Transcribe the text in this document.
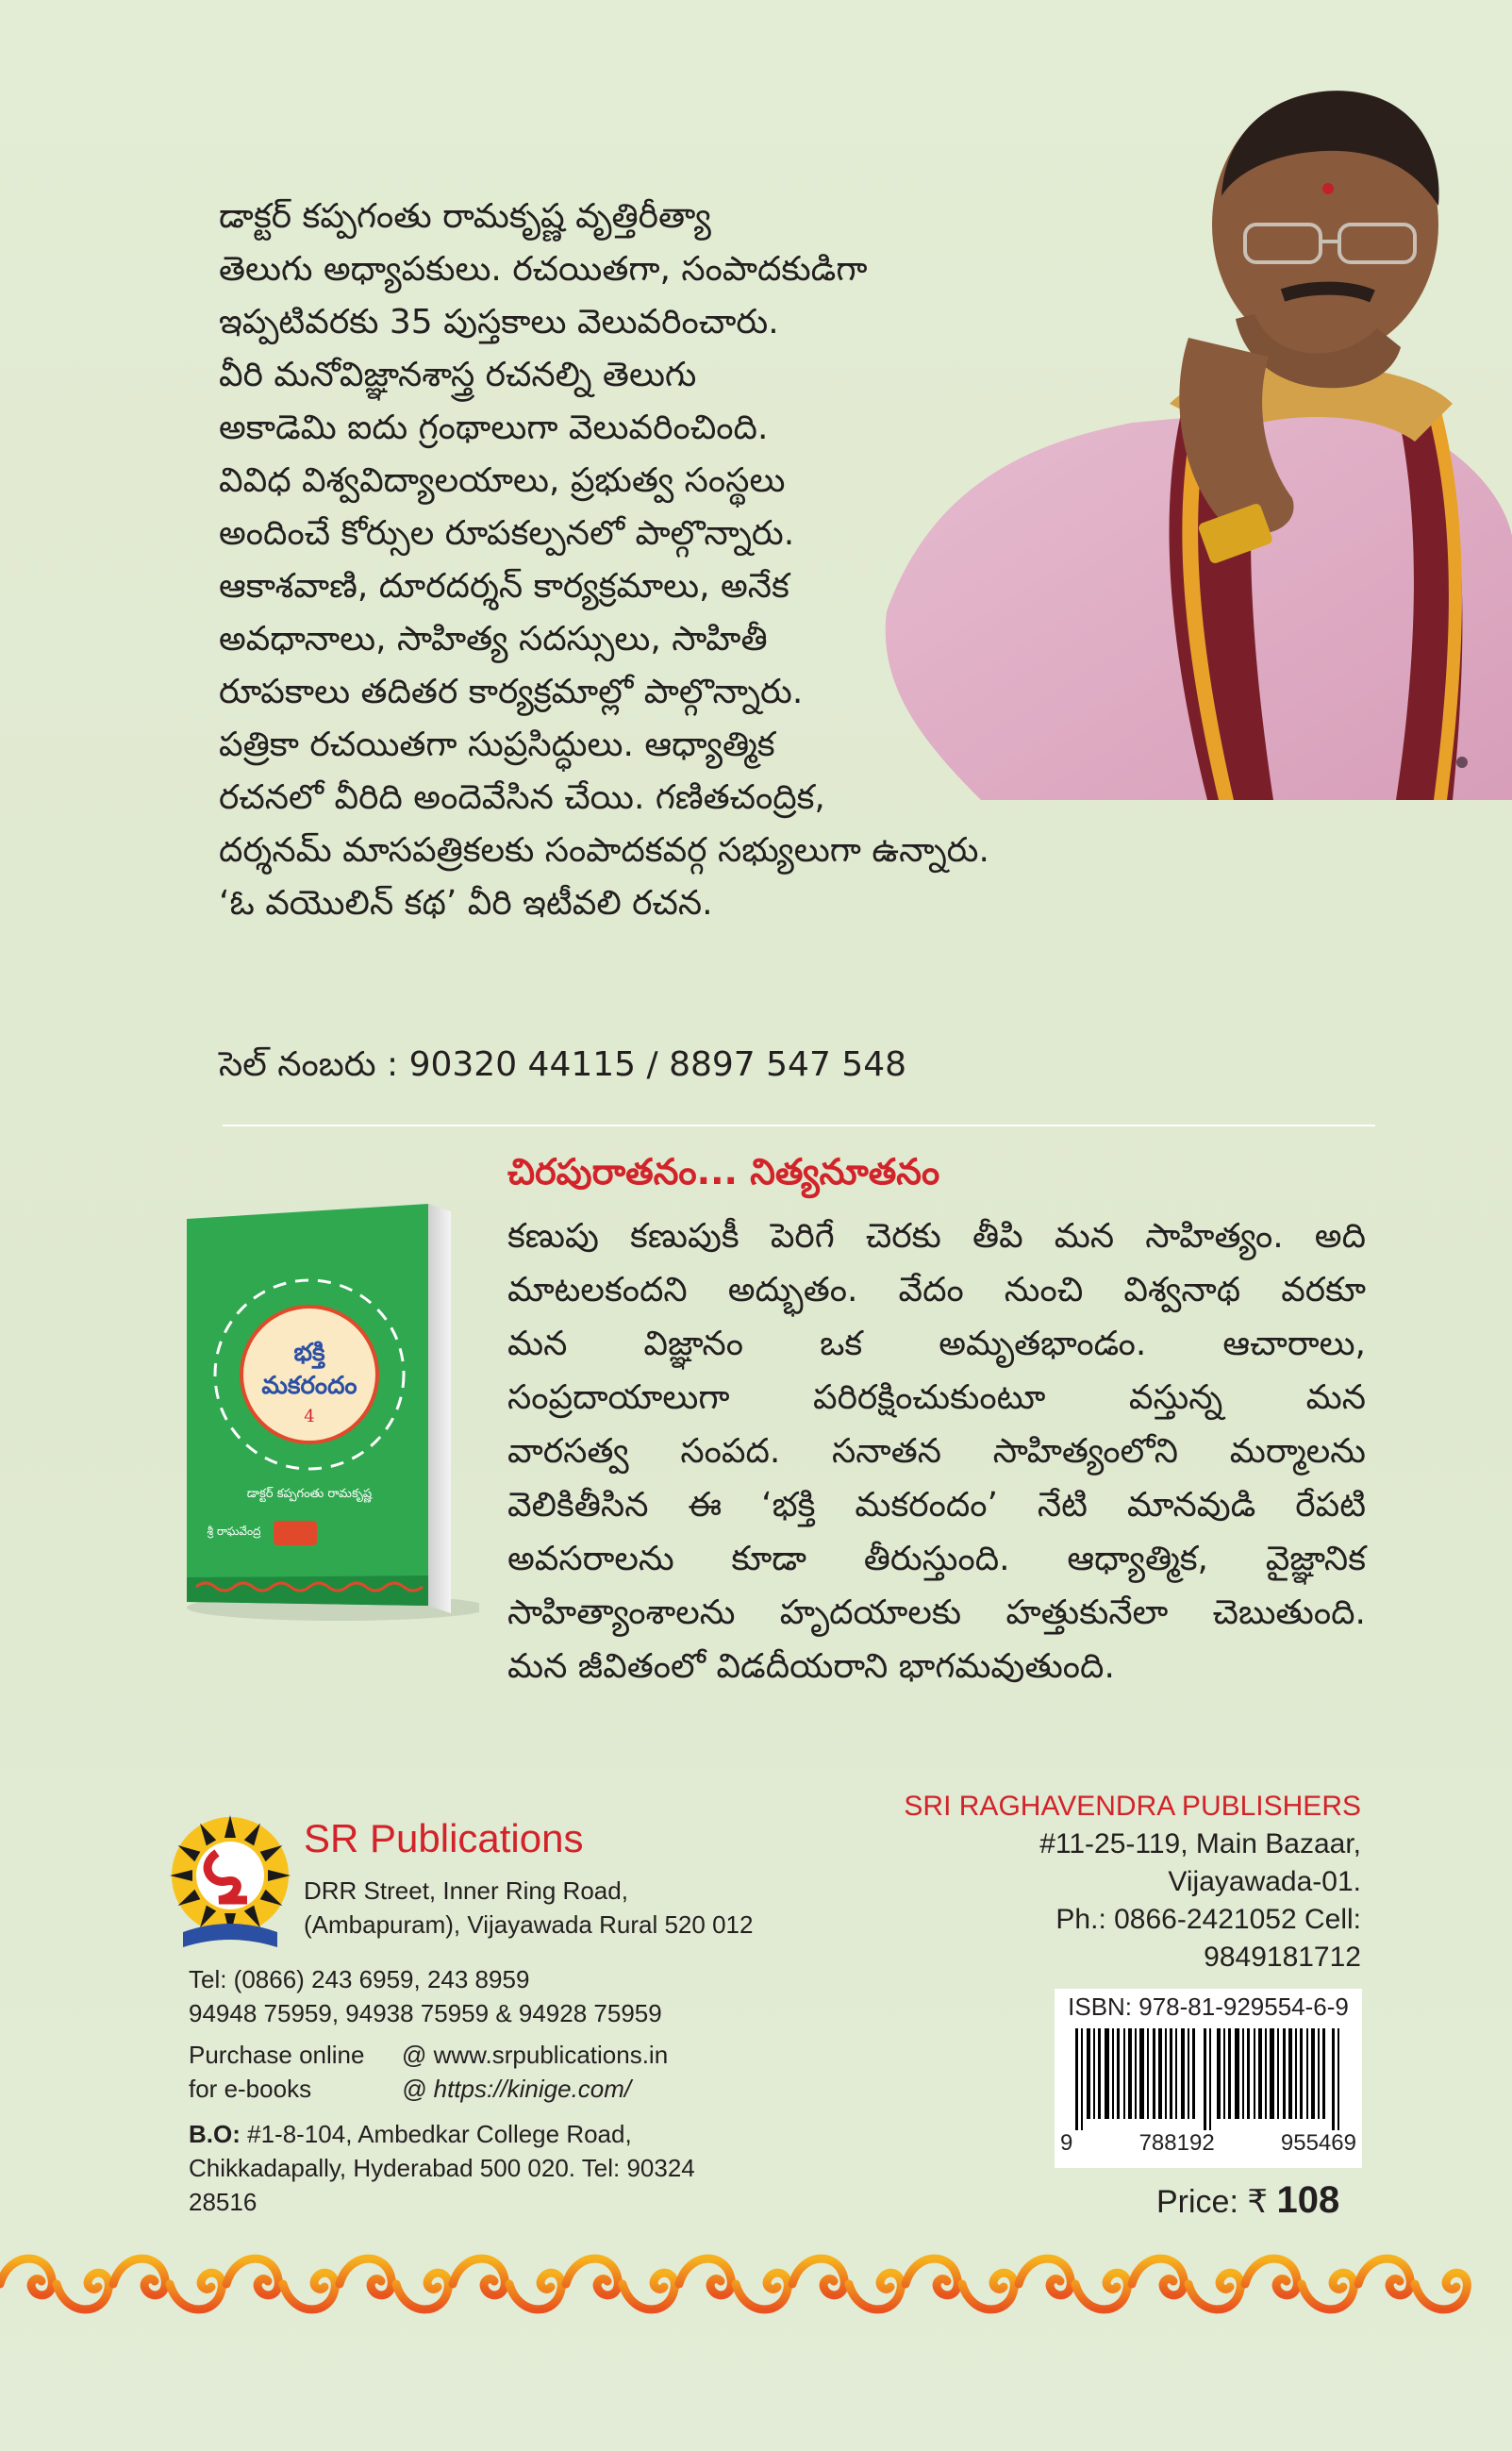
డాక్టర్ కప్పగంతు రామకృష్ణ వృత్తిరీత్యా
తెలుగు అధ్యాపకులు. రచయితగా, సంపాదకుడిగా
ఇప్పటివరకు 35 పుస్తకాలు వెలువరించారు.
వీరి మనోవిజ్ఞానశాస్త్ర రచనల్ని తెలుగు
అకాడెమి ఐదు గ్రంథాలుగా వెలువరించింది.
వివిధ విశ్వవిద్యాలయాలు, ప్రభుత్వ సంస్థలు
అందించే కోర్సుల రూపకల్పనలో పాల్గొన్నారు.
ఆకాశవాణి, దూరదర్శన్ కార్యక్రమాలు, అనేక
అవధానాలు, సాహిత్య సదస్సులు, సాహితీ
రూపకాలు తదితర కార్యక్రమాల్లో పాల్గొన్నారు.
పత్రికా రచయితగా సుప్రసిద్ధులు. ఆధ్యాత్మిక
రచనలో వీరిది అందెవేసిన చేయి. గణితచంద్రిక,
దర్శనమ్ మాసపత్రికలకు సంపాదకవర్గ సభ్యులుగా ఉన్నారు.
‘ఓ వయొలిన్ కథ’ వీరి ఇటీవలి రచన.
సెల్ నంబరు : 90320 44115 / 8897 547 548
భక్తి
మకరందం
4
డాక్టర్ కప్పగంతు రామకృష్ణ
శ్రీ రాఘవేంద్ర
చిరపురాతనం... నిత్యనూతనం
కణుపు కణుపుకీ పెరిగే చెరకు తీపి మన సాహిత్యం. అది
మాటలకందని అద్భుతం. వేదం నుంచి విశ్వనాథ వరకూ
మన విజ్ఞానం ఒక అమృతభాండం. ఆచారాలు,
సంప్రదాయాలుగా పరిరక్షించుకుంటూ వస్తున్న మన
వారసత్వ సంపద. సనాతన సాహిత్యంలోని మర్మాలను
వెలికితీసిన ఈ ‘భక్తి మకరందం’ నేటి మానవుడి రేపటి
అవసరాలను కూడా తీరుస్తుంది. ఆధ్యాత్మిక, వైజ్ఞానిక
సాహిత్యాంశాలను హృదయాలకు హత్తుకునేలా చెబుతుంది.
మన జీవితంలో విడదీయరాని భాగమవుతుంది.
SR Publications
DRR Street, Inner Ring Road,
(Ambapuram), Vijayawada Rural 520 012
Tel: (0866) 243 6959, 243 8959
94948 75959, 94938 75959 & 94928 75959
Purchase online @ www.srpublications.in
for e-books	@ https://kinige.com/
B.O: #1-8-104, Ambedkar College Road,
Chikkadapally, Hyderabad 500 020. Tel: 90324
28516
SRI RAGHAVENDRA PUBLISHERS
#11-25-119, Main Bazaar,
Vijayawada-01.
Ph.: 0866-2421052 Cell:
9849181712
ISBN: 978-81-929554-6-9
9	788192	955469
Price: ₹ 108
